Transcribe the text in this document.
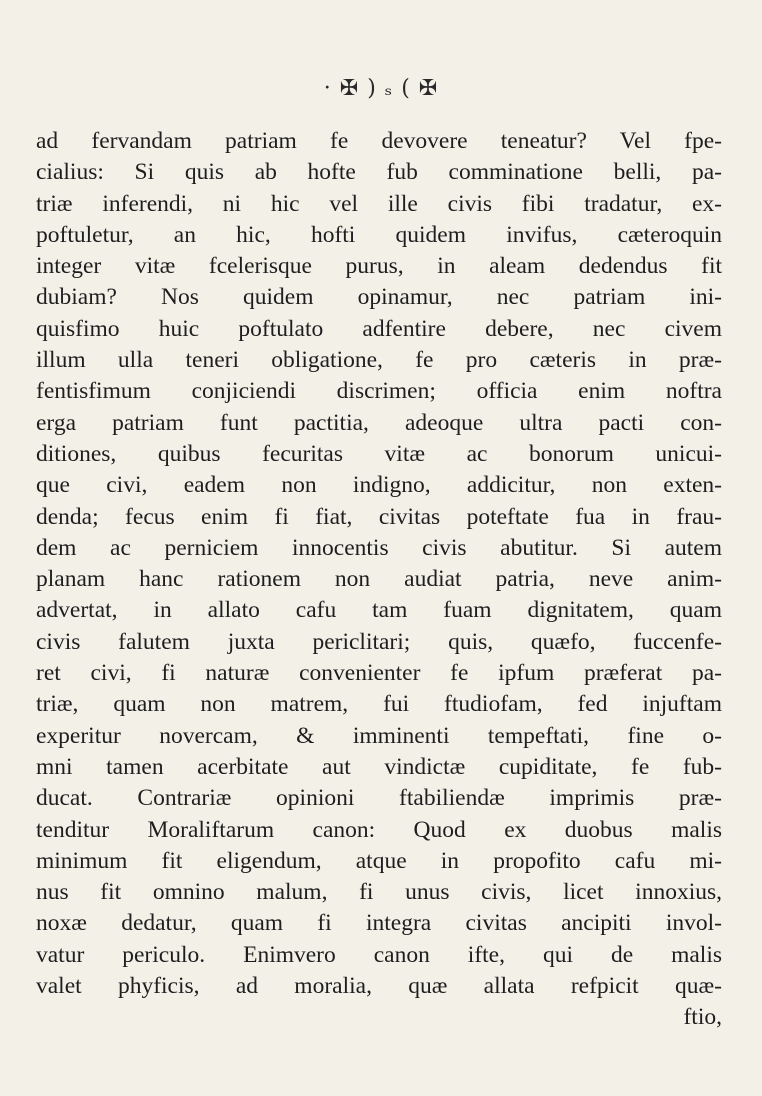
· ✠ ) ₛ ( ✠
ad fervandam patriam fe devovere teneatur? Vel fpe-
cialius: Si quis ab hofte fub comminatione belli, pa-
triæ inferendi, ni hic vel ille civis fibi tradatur, ex-
poftuletur, an hic, hofti quidem invifus, cæteroquin
integer vitæ fcelerisque purus, in aleam dedendus fit
dubiam? Nos quidem opinamur, nec patriam ini-
quisfimo huic poftulato adfentire debere, nec civem
illum ulla teneri obligatione, fe pro cæteris in præ-
fentisfimum conjiciendi discrimen; officia enim noftra
erga patriam funt pactitia, adeoque ultra pacti con-
ditiones, quibus fecuritas vitæ ac bonorum unicui-
que civi, eadem non indigno, addicitur, non exten-
denda; fecus enim fi fiat, civitas poteftate fua in frau-
dem ac perniciem innocentis civis abutitur. Si autem
planam hanc rationem non audiat patria, neve anim-
advertat, in allato cafu tam fuam dignitatem, quam
civis falutem juxta periclitari; quis, quæfo, fuccenfe-
ret civi, fi naturæ convenienter fe ipfum præferat pa-
triæ, quam non matrem, fui ftudiofam, fed injuftam
experitur novercam, & imminenti tempeftati, fine o-
mni tamen acerbitate aut vindictæ cupiditate, fe fub-
ducat. Contrariæ opinioni ftabiliendæ imprimis præ-
tenditur Moraliftarum canon: Quod ex duobus malis
minimum fit eligendum, atque in propofito cafu mi-
nus fit omnino malum, fi unus civis, licet innoxius,
noxæ dedatur, quam fi integra civitas ancipiti invol-
vatur periculo. Enimvero canon ifte, qui de malis
valet phyficis, ad moralia, quæ allata refpicit quæ-
ftio,
